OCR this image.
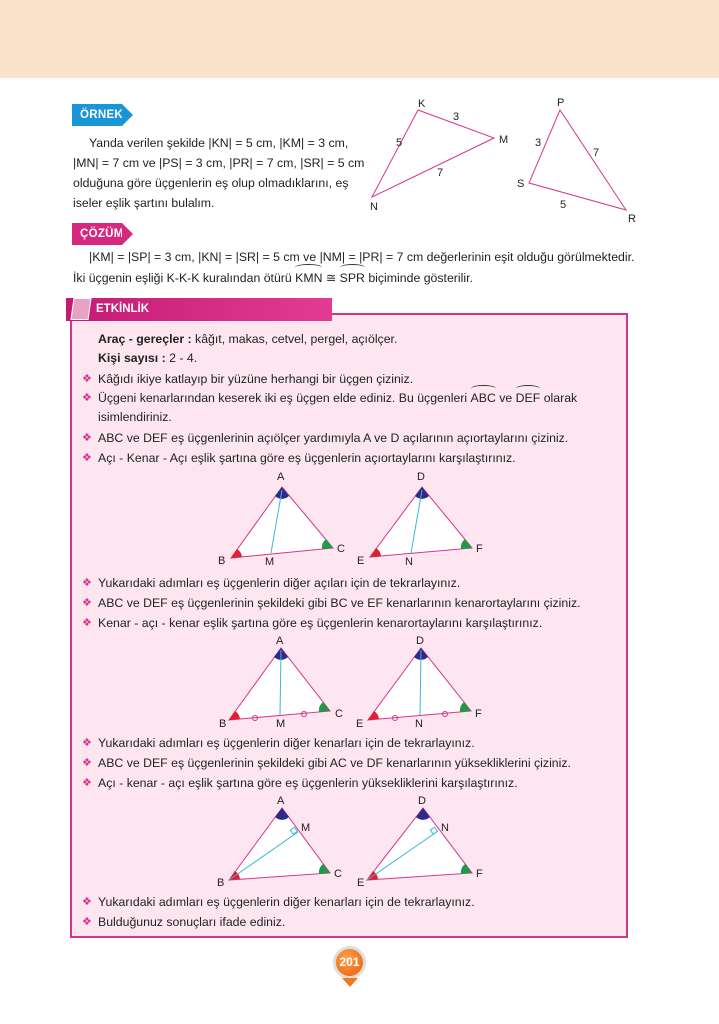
ÖRNEK
Yanda verilen şekilde |KN| = 5 cm, |KM| = 3 cm,
|MN| = 7 cm ve |PS| = 3 cm, |PR| = 7 cm, |SR| = 5 cm
olduğuna göre üçgenlerin eş olup olmadıklarını, eş
iseler eşlik şartını bulalım.
ÇÖZÜM
|KM| = |SP| = 3 cm, |KN| = |SR| = 5 cm ve |NM| = |PR| = 7 cm değerlerinin eşit olduğu görülmektedir.
İki üçgenin eşliği K-K-K kuralından ötürü KMN ≅ SPR biçiminde gösterilir.
ETKİNLİK
Araç - gereçler : kâğıt, makas, cetvel, pergel, açıölçer.
Kişi sayısı : 2 - 4.
❖ Kâğıdı ikiye katlayıp bir yüzüne herhangi bir üçgen çiziniz.
❖ Üçgeni kenarlarından keserek iki eş üçgen elde ediniz. Bu üçgenleri ABC ve DEF olarak
isimlendiriniz.
❖ ABC ve DEF eş üçgenlerinin açıölçer yardımıyla A ve D açılarının açıortaylarını çiziniz.
❖ Açı - Kenar - Açı eşlik şartına göre eş üçgenlerin açıortaylarını karşılaştırınız.
❖ Yukarıdaki adımları eş üçgenlerin diğer açıları için de tekrarlayınız.
❖ ABC ve DEF eş üçgenlerinin şekildeki gibi BC ve EF kenarlarının kenarortaylarını çiziniz.
❖ Kenar - açı - kenar eşlik şartına göre eş üçgenlerin kenarortaylarını karşılaştırınız.
❖ Yukarıdaki adımları eş üçgenlerin diğer kenarları için de tekrarlayınız.
❖ ABC ve DEF eş üçgenlerinin şekildeki gibi AC ve DF kenarlarının yüksekliklerini çiziniz.
❖ Açı - kenar - açı eşlik şartına göre eş üçgenlerin yüksekliklerini karşılaştırınız.
❖ Yukarıdaki adımları eş üçgenlerin diğer kenarları için de tekrarlayınız.
❖ Bulduğunuz sonuçları ifade ediniz.
K
3
M
5
7
N
P
3
7
S
5
R
A
B
C
M
D
E
F
N
A
B
C
M
D
E
F
N
A
B
C
M
D
E
F
N
201
